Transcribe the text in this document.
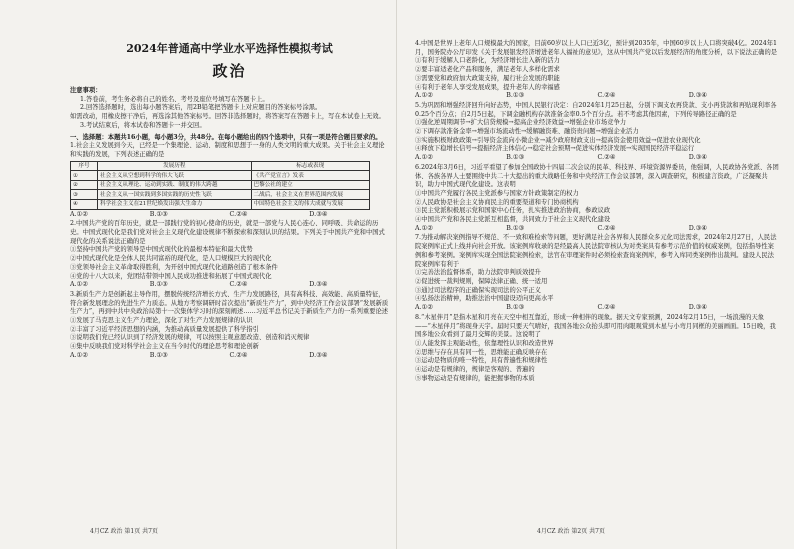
2024年普通高中学业水平选择性模拟考试
政治

注意事项：

1.答卷前，考生务必将自己的姓名、考号及座位号填写在答题卡上。

2.回答选择题时，选出每小题答案后，用2B铅笔把答题卡上对应题目的答案标号涂黑。

如需改动，用橡皮擦干净后，再选涂其他答案标号。回答非选择题时，将答案写在答题卡上，写在本试卷上无效。

3.考试结束后，将本试卷和答题卡一并交回。

一、选择题：本题共16小题，每小题3分，共48分。在每小题给出的四个选项中，只有一项是符合题目要求的。

1.社会主义发展到今天，已经是一个集理论、运动、制度和思想于一身的人类文明的重大成果。关于社会主义理论和实践的发展，下列表述正确的是

序号	发展历程	标志或表现
①	社会主义从空想到科学的伟大飞跃	《共产党宣言》发表
②	社会主义从理论、运动到实践、制度的伟大跨越	巴黎公社的建立
③	社会主义从一国实践到多国实践的历史性飞跃	二战后，社会主义在世界范围内发展
④	科学社会主义在21世纪焕发出强大生命力	中国特色社会主义的伟大成就与发展
A.①②	B.①③	C.②④	D.③④

2.中国共产党的百年历史，就是一部践行党的初心使命的历史，就是一部党与人民心连心、同呼吸、共命运的历史。中国式现代化是我们党对社会主义现代化建设规律不断探索和深刻认识的结果。下列关于中国共产党和中国式现代化的关系说法正确的是

①坚持中国共产党的领导是中国式现代化的最根本特征和最大优势

②中国式现代化是全体人民共同富裕的现代化，是人口规模巨大的现代化

③党领导社会主义革命取得胜利，为开创中国式现代化道路创造了根本条件

④党的十八大以来，党团结带领中国人民成功推进和拓展了中国式现代化

A.①②	B.①③	C.②④	D.③④

3.新质生产力是创新起主导作用，摆脱传统经济增长方式、生产力发展路径，具有高科技、高效能、高质量特征，符合新发展理念的先进生产力质态。从地方考察调研时首次提出“新质生产力”，到中央经济工作会议部署“发展新质生产力”，再到中共中央政治局第十一次集体学习时的深刻阐述……习近平总书记关于新质生产力的一系列重要论述

①发展了马克思主义生产力理论，深化了对生产力发展规律的认识

②丰富了习近平经济思想的内涵，为推动高质量发展提供了科学指引

③说明我们党已经认识到了经济发展的规律，可以按照主观意愿改造、创造和消灭规律

④集中反映我们党对科学社会主义在当今时代的理论思考和理论创新

A.①②	B.①③	C.②④	D.③④
4月CZ 政治 第1页 共7页

4.中国是世界上老年人口规模最大的国家，目前60岁以上人口已近3亿，预计到2035年，中国60岁以上人口将突破4亿。2024年1月，国务院办公厅印发《关于发展银发经济增进老年人福祉的意见》，这从中国共产党以后发展经济的角度分析，以下说法正确的是

①有利于缓解人口老龄化，为经济增长注入新的活力

②要丰富适老化产品和服务，满足老年人多样化需求

③需要党和政府加大政策支持，履行社会发展的职能

④有利于老年人享受发展成果，提升老年人的幸福感

A.①②	B.①③	C.②④	D.③④

5.为巩固和增强经济回升向好态势，中国人民银行决定：自2024年1月25日起，分别下调支农再贷款、支小再贷款和再贴现利率各0.25个百分点；自2月5日起，下调金融机构存款准备金率0.5个百分点。若不考虑其他因素，下列传导路径正确的是

①强化逆周期调节→扩大信贷规模→提高企业经济效益→增强企业市场竞争力

②下调存款准备金率→增强市场流动性→缓解融资难、融资贵问题→增强企业活力

③实施积极财政政策→引导资金流向小微企业→减少政府财政支出→提高资金使用效益→促进农业现代化

④释放下稳增长信号→提振经济主体信心→稳定社会预期→促进实体经济发展→实现国民经济平稳运行

A.①②	B.①③	C.②④	D.③④

6.2024年3月6日，习近平看望了参加全国政协十四届二次会议的民革、科技界、环境资源界委员，他强调，人民政协各党派、各团体、各族各界人士要围绕中共二十大提出的重大战略任务和中央经济工作会议部署，深入调查研究，积极建言资政，广泛凝聚共识，助力中国式现代化建设。这表明

①中国共产党履行各民主党派参与国家方针政策制定的权力

②人民政协是社会主义协商民主的重要渠道和专门协商机构

③民主党派积极展示党和国家中心任务，扎实推进政治协商，参政议政

④中国共产党和各民主党派互相监督，共同致力于社会主义现代化建设

A.①②	B.①③	C.②④	D.③④

7.为推动解决案例指导不规范、不一致和难检索等问题，更好满足社会各界和人民群众多元化司法需求，2024年2月27日，人民法院案例库正式上线并向社会开放。该案例库收录的是经最高人民法院审核认为对类案具有参考示范价值的权威案例，包括指导性案例和参考案例。案例库实现全国法院案例检索，法官在审理案件时必须检索查询案例库，参考入库同类案例作出裁判。建设人民法院案例库有利于

①完善法治监督体系，助力法院审判质效提升

②促进统一裁判规则，保障法律正确、统一适用

③通过司法程序的正确保实现司法的公平正义

④弘扬法治精神，助推法治中国建设迈向更高水平

A.①②	B.①③	C.②④	D.③④

8.“木星伴月”是指木星和月亮在天空中相互靠近，形成一种相伴的现象。据天文专家预测，2024年2月15日，一场浪漫的天象——“木星伴月”将现身天宇。届时只要天气晴好，我国各地公众抬头即可用肉眼观赏到木星与小弯月同框的美丽画面。15日晚，我国多地公众看到了最月交辉的美景。这说明了

①人能发挥主观能动性，依靠理性认识和改造世界

②思维与存在具有同一性，思维能正确反映存在

③运动是物质的唯一特性，具有普遍性和规律性

④运动是有规律的，规律是客观的、普遍的

⑤事物运动是有规律的，能把握事物的本质

4月CZ 政治 第2页 共7页
